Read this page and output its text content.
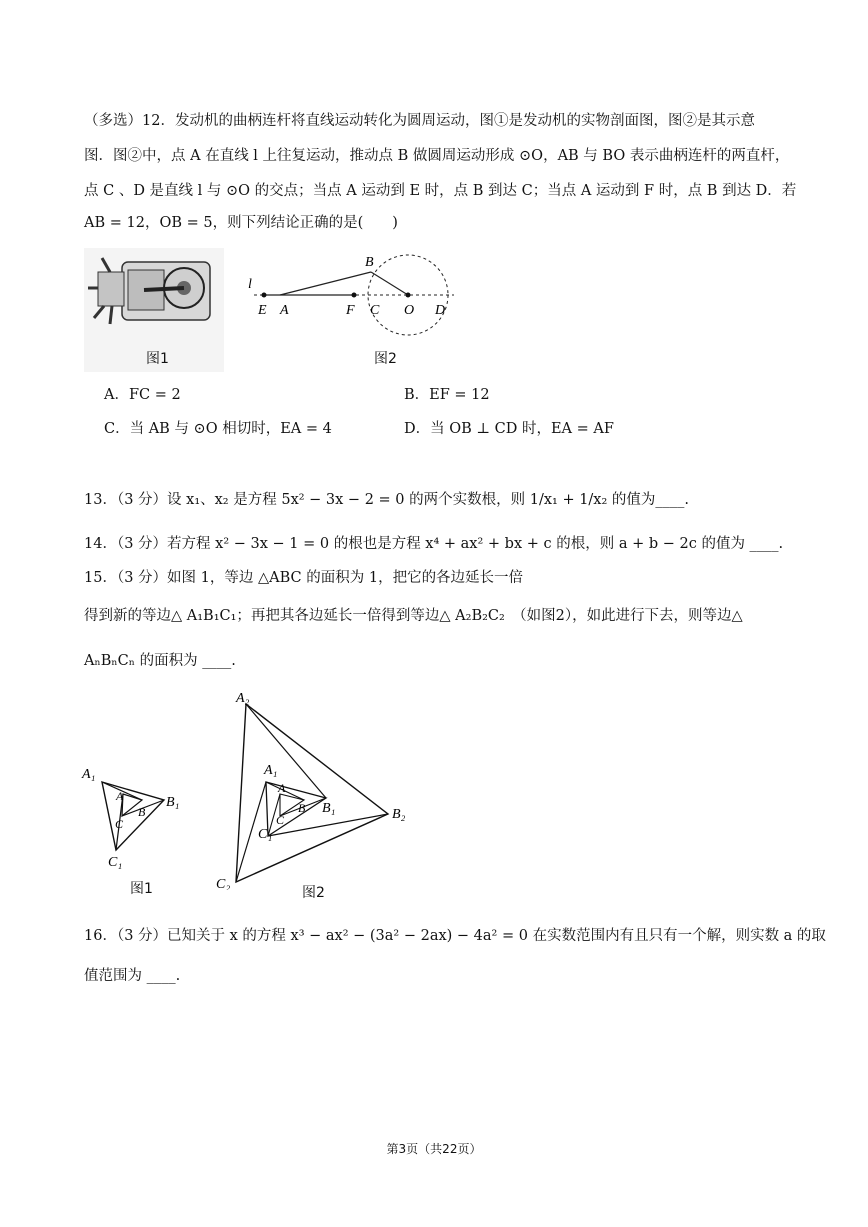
（多选）12．发动机的曲柄连杆将直线运动转化为圆周运动，图①是发动机的实物剖面图，图②是其示意
图．图②中，点 A 在直线 l 上往复运动，推动点 B 做圆周运动形成 ⊙O，AB 与 BO 表示曲柄连杆的两直杆，
点 C 、D 是直线 l 与 ⊙O 的交点；当点 A 运动到 E 时，点 B 到达 C；当点 A 运动到 F 时，点 B 到达 D．若
AB = 12，OB = 5，则下列结论正确的是(　　)
图1
l
E A	F C O D
B
图2
A．FC = 2	B．EF = 12
C．当 AB 与 ⊙O 相切时，EA = 4	D．当 OB ⊥ CD 时，EA = AF
13．（3 分）设 x₁、x₂ 是方程 5x² − 3x − 2 = 0 的两个实数根，则 1/x₁ + 1/x₂ 的值为____.
14．（3 分）若方程 x² − 3x − 1 = 0 的根也是方程 x⁴ + ax² + bx + c 的根，则 a + b − 2c 的值为 ____.
15．（3 分）如图 1，等边 △ABC 的面积为 1，把它的各边延长一倍
得到新的等边△ A₁B₁C₁；再把其各边延长一倍得到等边△ A₂B₂C₂　（如图2），如此进行下去，则等边△
AₙBₙCₙ 的面积为 ____.
A₁
B₁
C₁
A
B
C
图1
A₂
B₂
C₂
A₁
B₁
C₁
A
B
C
图2
16．（3 分）已知关于 x 的方程 x³ − ax² − (3a² − 2ax) − 4a² = 0 在实数范围内有且只有一个解，则实数 a 的取
值范围为 ____.
第3页（共22页）
